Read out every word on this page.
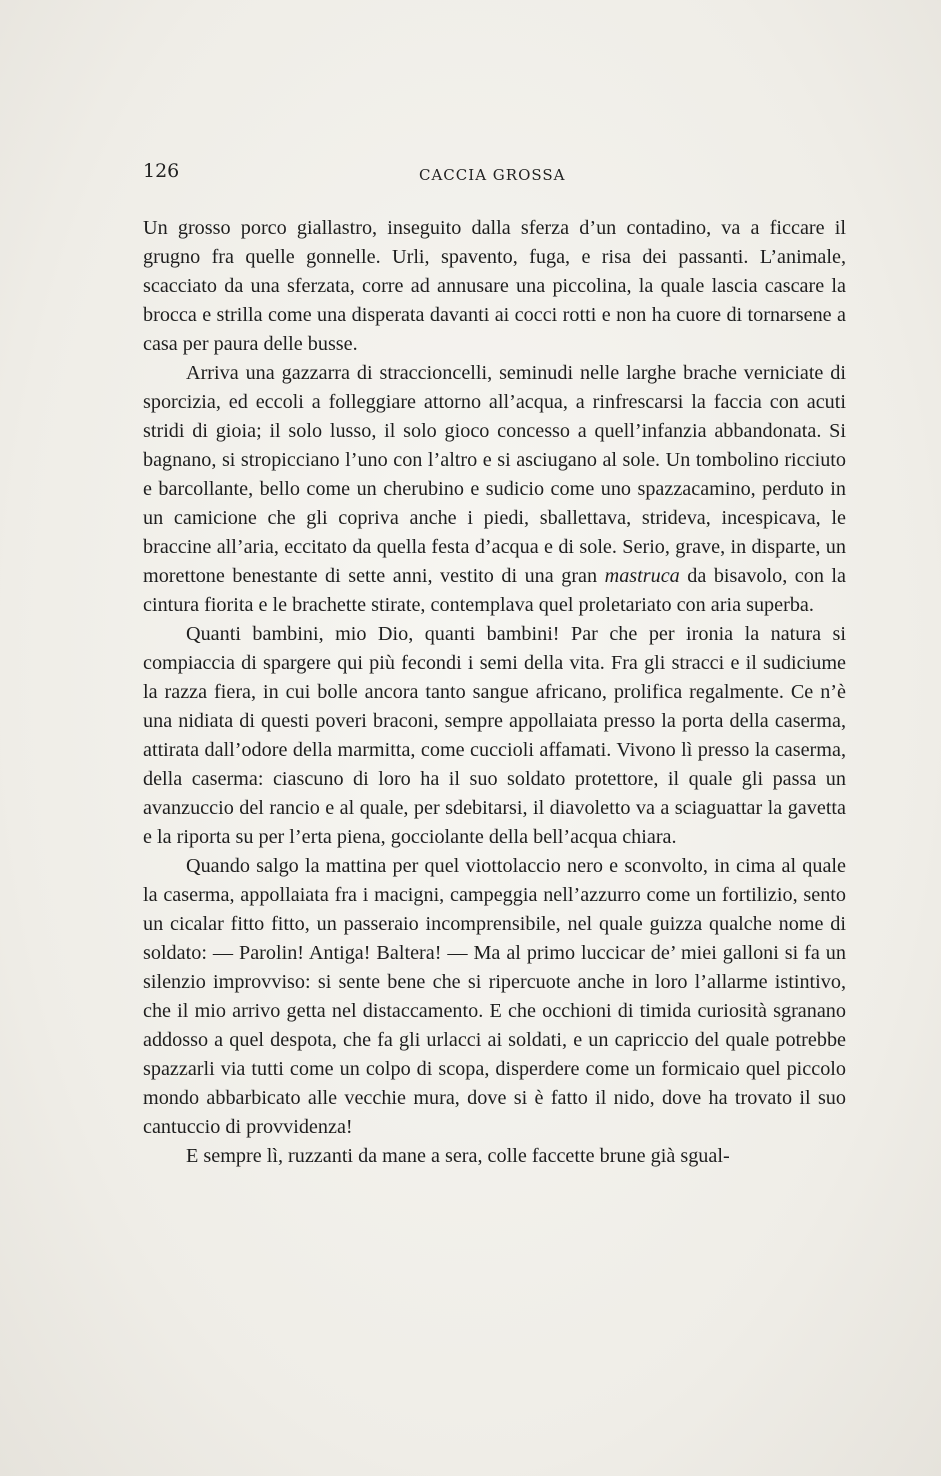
126	CACCIA GROSSA

Un grosso porco giallastro, inseguito dalla sferza d’un contadino, va a ficcare il grugno fra quelle gonnelle. Urli, spavento, fuga, e risa dei passanti. L’animale, scacciato da una sferzata, corre ad annusare una piccolina, la quale lascia cascare la brocca e strilla come una disperata davanti ai cocci rotti e non ha cuore di tornarsene a casa per paura delle busse.

Arriva una gazzarra di straccioncelli, seminudi nelle larghe brache verniciate di sporcizia, ed eccoli a folleggiare attorno all’acqua, a rinfrescarsi la faccia con acuti stridi di gioia; il solo lusso, il solo gioco concesso a quell’infanzia abbandonata. Si bagnano, si stropicciano l’uno con l’altro e si asciugano al sole. Un tombolino ricciuto e barcollante, bello come un cherubino e sudicio come uno spazzacamino, perduto in un camicione che gli copriva anche i piedi, sballettava, strideva, incespicava, le braccine all’aria, eccitato da quella festa d’acqua e di sole. Serio, grave, in disparte, un morettone benestante di sette anni, vestito di una gran mastruca da bisavolo, con la cintura fiorita e le brachette stirate, contemplava quel proletariato con aria superba.

Quanti bambini, mio Dio, quanti bambini! Par che per ironia la natura si compiaccia di spargere qui più fecondi i semi della vita. Fra gli stracci e il sudiciume la razza fiera, in cui bolle ancora tanto sangue africano, prolifica regalmente. Ce n’è una nidiata di questi poveri braconi, sempre appollaiata presso la porta della caserma, attirata dall’odore della marmitta, come cuccioli affamati. Vivono lì presso la caserma, della caserma: ciascuno di loro ha il suo soldato protettore, il quale gli passa un avanzuccio del rancio e al quale, per sdebitarsi, il diavoletto va a sciaguattar la gavetta e la riporta su per l’erta piena, gocciolante della bell’acqua chiara.

Quando salgo la mattina per quel viottolaccio nero e sconvolto, in cima al quale la caserma, appollaiata fra i macigni, campeggia nell’azzurro come un fortilizio, sento un cicalar fitto fitto, un passeraio incomprensibile, nel quale guizza qualche nome di soldato: — Parolin! Antiga! Baltera! — Ma al primo luccicar de’ miei galloni si fa un silenzio improvviso: si sente bene che si ripercuote anche in loro l’allarme istintivo, che il mio arrivo getta nel distaccamento. E che occhioni di timida curiosità sgranano addosso a quel despota, che fa gli urlacci ai soldati, e un capriccio del quale potrebbe spazzarli via tutti come un colpo di scopa, disperdere come un formicaio quel piccolo mondo abbarbicato alle vecchie mura, dove si è fatto il nido, dove ha trovato il suo cantuccio di provvidenza!

E sempre lì, ruzzanti da mane a sera, colle faccette brune già sgual-
